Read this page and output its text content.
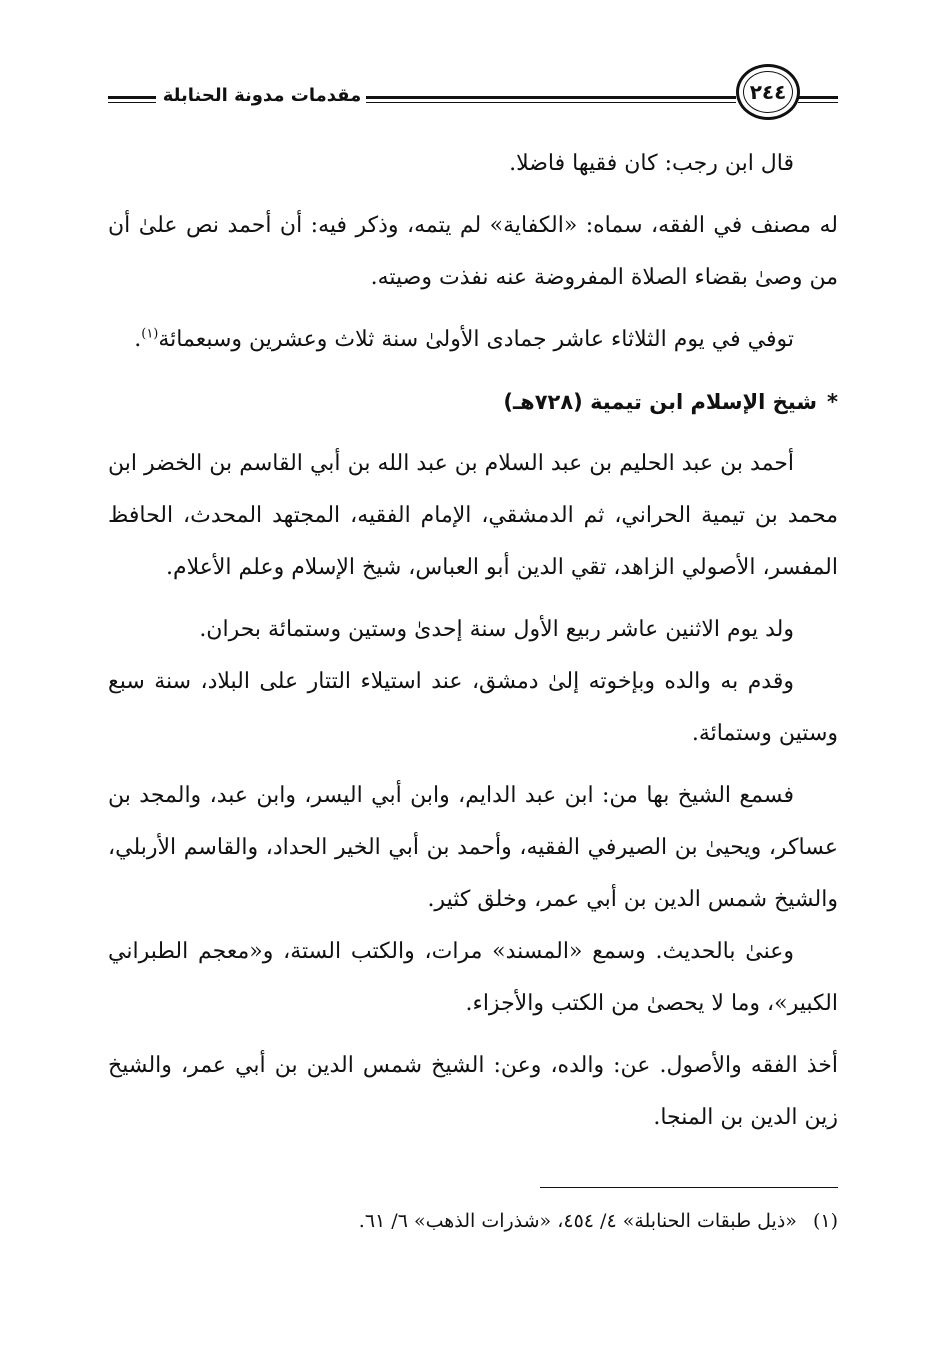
مقدمات مدونة الحنابلة	٢٤٤

قال ابن رجب: كان فقيها فاضلا.

له مصنف في الفقه، سماه: «الكفاية» لم يتمه، وذكر فيه: أن أحمد نص علىٰ أن من وصىٰ بقضاء الصلاة المفروضة عنه نفذت وصيته.

توفي في يوم الثلاثاء عاشر جمادى الأولىٰ سنة ثلاث وعشرين وسبعمائة$^{(١)}$.

*شيخ الإسلام ابن تيمية (٧٢٨هـ)

أحمد بن عبد الحليم بن عبد السلام بن عبد الله بن أبي القاسم بن الخضر ابن محمد بن تيمية الحراني، ثم الدمشقي، الإمام الفقيه، المجتهد المحدث، الحافظ المفسر، الأصولي الزاهد، تقي الدين أبو العباس، شيخ الإسلام وعلم الأعلام.

ولد يوم الاثنين عاشر ربيع الأول سنة إحدىٰ وستين وستمائة بحران.

وقدم به والده وبإخوته إلىٰ دمشق، عند استيلاء التتار على البلاد، سنة سبع وستين وستمائة.

فسمع الشيخ بها من: ابن عبد الدايم، وابن أبي اليسر، وابن عبد، والمجد بن عساكر، ويحيىٰ بن الصيرفي الفقيه، وأحمد بن أبي الخير الحداد، والقاسم الأربلي، والشيخ شمس الدين بن أبي عمر، وخلق كثير.

وعنىٰ بالحديث. وسمع «المسند» مرات، والكتب الستة، و«معجم الطبراني الكبير»، وما لا يحصىٰ من الكتب والأجزاء.

أخذ الفقه والأصول. عن: والده، وعن: الشيخ شمس الدين بن أبي عمر، والشيخ زين الدين بن المنجا.

(١)«ذيل طبقات الحنابلة» ٤/ ٤٥٤، «شذرات الذهب» ٦/ ٦١.
